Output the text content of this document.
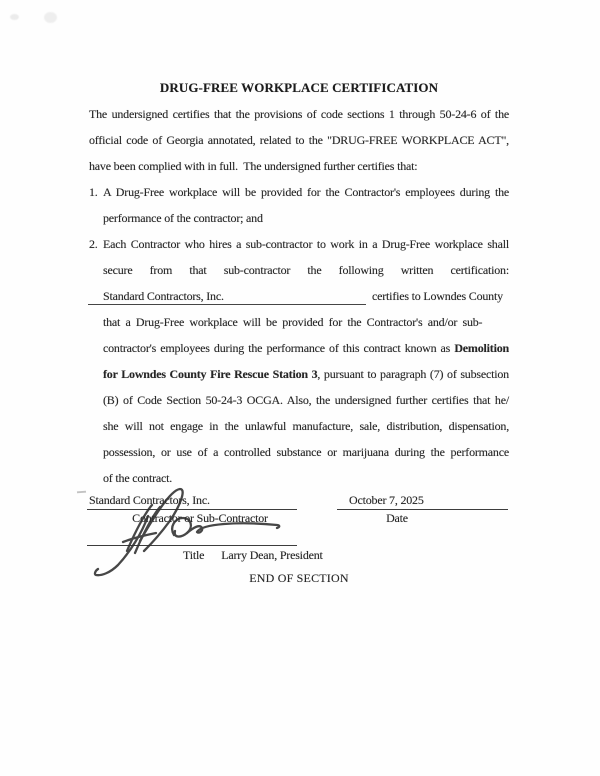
DRUG-FREE WORKPLACE CERTIFICATION
The undersigned certifies that the provisions of code sections 1 through 50-24-6 of the
official code of Georgia annotated, related to the "DRUG-FREE WORKPLACE ACT",
have been complied with in full.  The undersigned further certifies that:
1. A Drug-Free workplace will be provided for the Contractor's employees during the
performance of the contractor; and
2. Each Contractor who hires a sub-contractor to work in a Drug-Free workplace shall
secure from that sub-contractor the following written certification:
Standard Contractors, Inc.	certifies to Lowndes County
that a Drug-Free workplace will be provided for the Contractor's and/or sub-
contractor's employees during the performance of this contract known as Demolition
for Lowndes County Fire Rescue Station 3, pursuant to paragraph (7) of subsection
(B) of Code Section 50-24-3 OCGA. Also, the undersigned further certifies that he/
she will not engage in the unlawful manufacture, sale, distribution, dispensation,
possession, or use of a controlled substance or marijuana during the performance
of the contract.
Standard Contractors, Inc.
Contractor or Sub-Contractor
October 7, 2025
Date
Title Larry Dean, President
END OF SECTION
